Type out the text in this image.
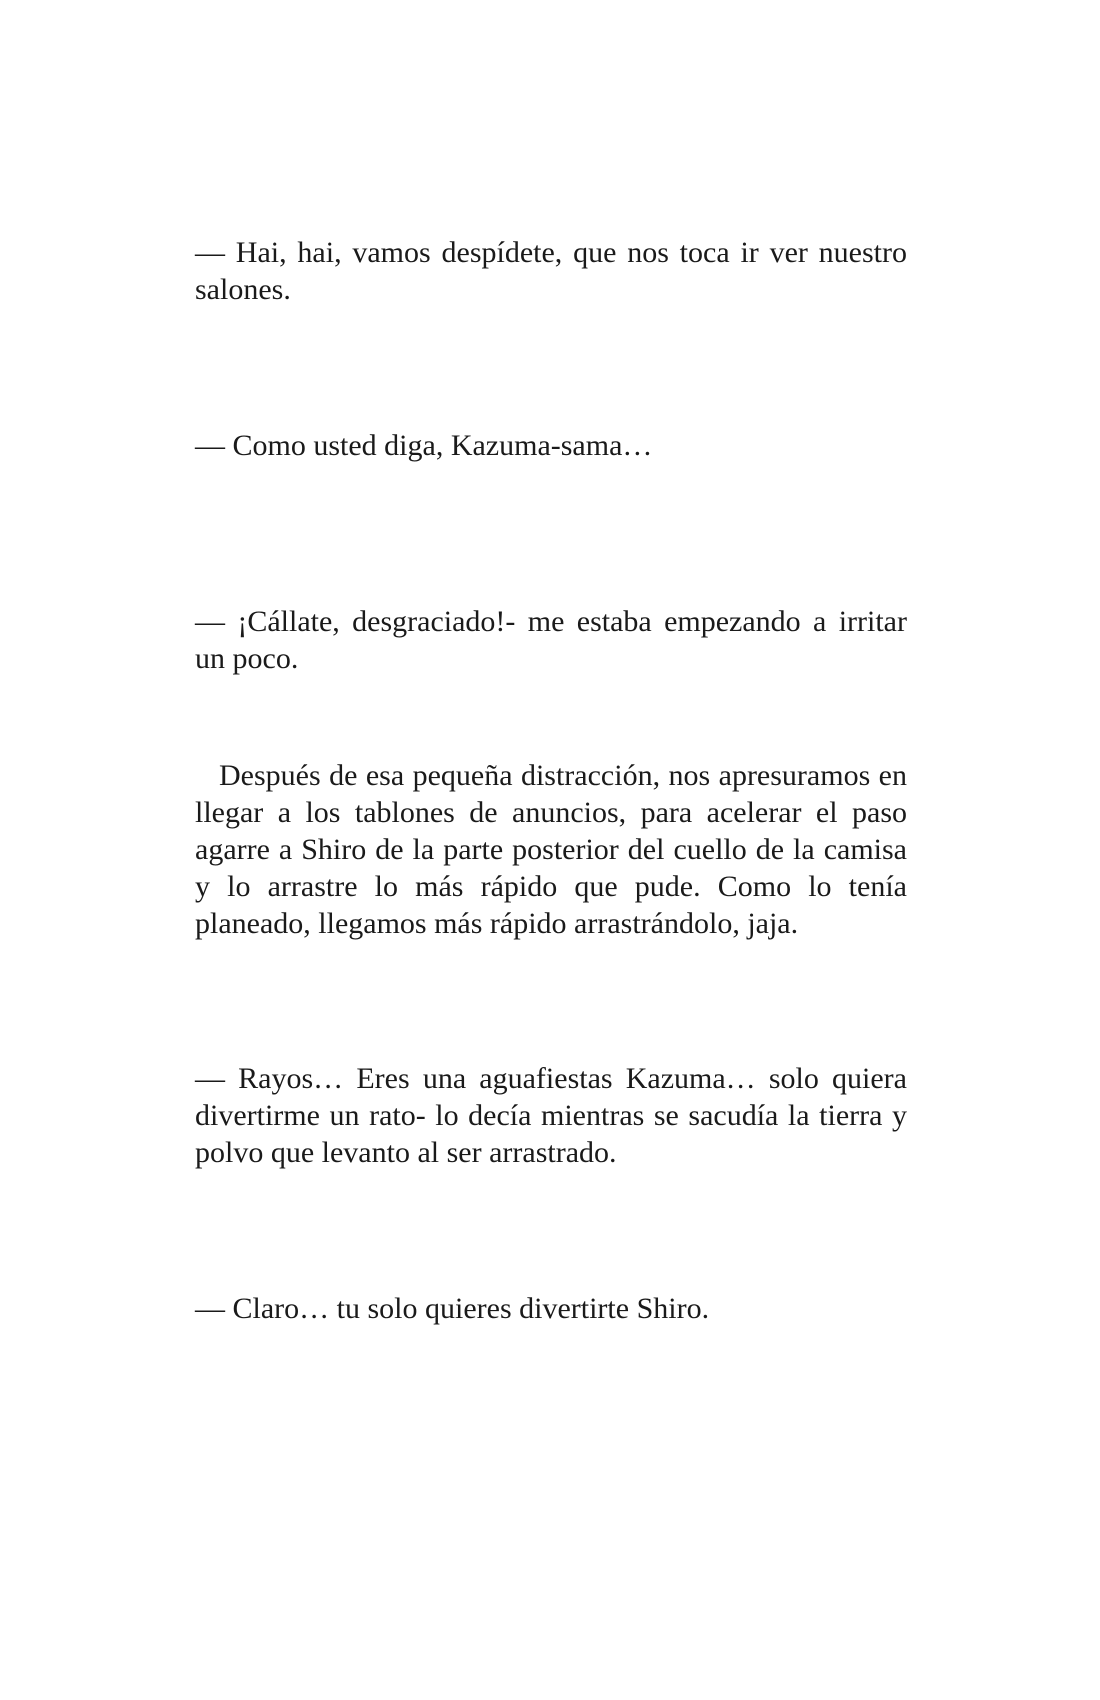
— Hai, hai, vamos despídete, que nos toca ir ver nuestro salones.

— Como usted diga, Kazuma-sama…

— ¡Cállate, desgraciado!- me estaba empezando a irritar un poco.

Después de esa pequeña distracción, nos apresuramos en llegar a los tablones de anuncios, para acelerar el paso agarre a Shiro de la parte posterior del cuello de la camisa y lo arrastre lo más rápido que pude. Como lo tenía planeado, llegamos más rápido arrastrándolo, jaja.

— Rayos… Eres una aguafiestas Kazuma… solo quiera divertirme un rato- lo decía mientras se sacudía la tierra y polvo que levanto al ser arrastrado.

— Claro… tu solo quieres divertirte Shiro.
